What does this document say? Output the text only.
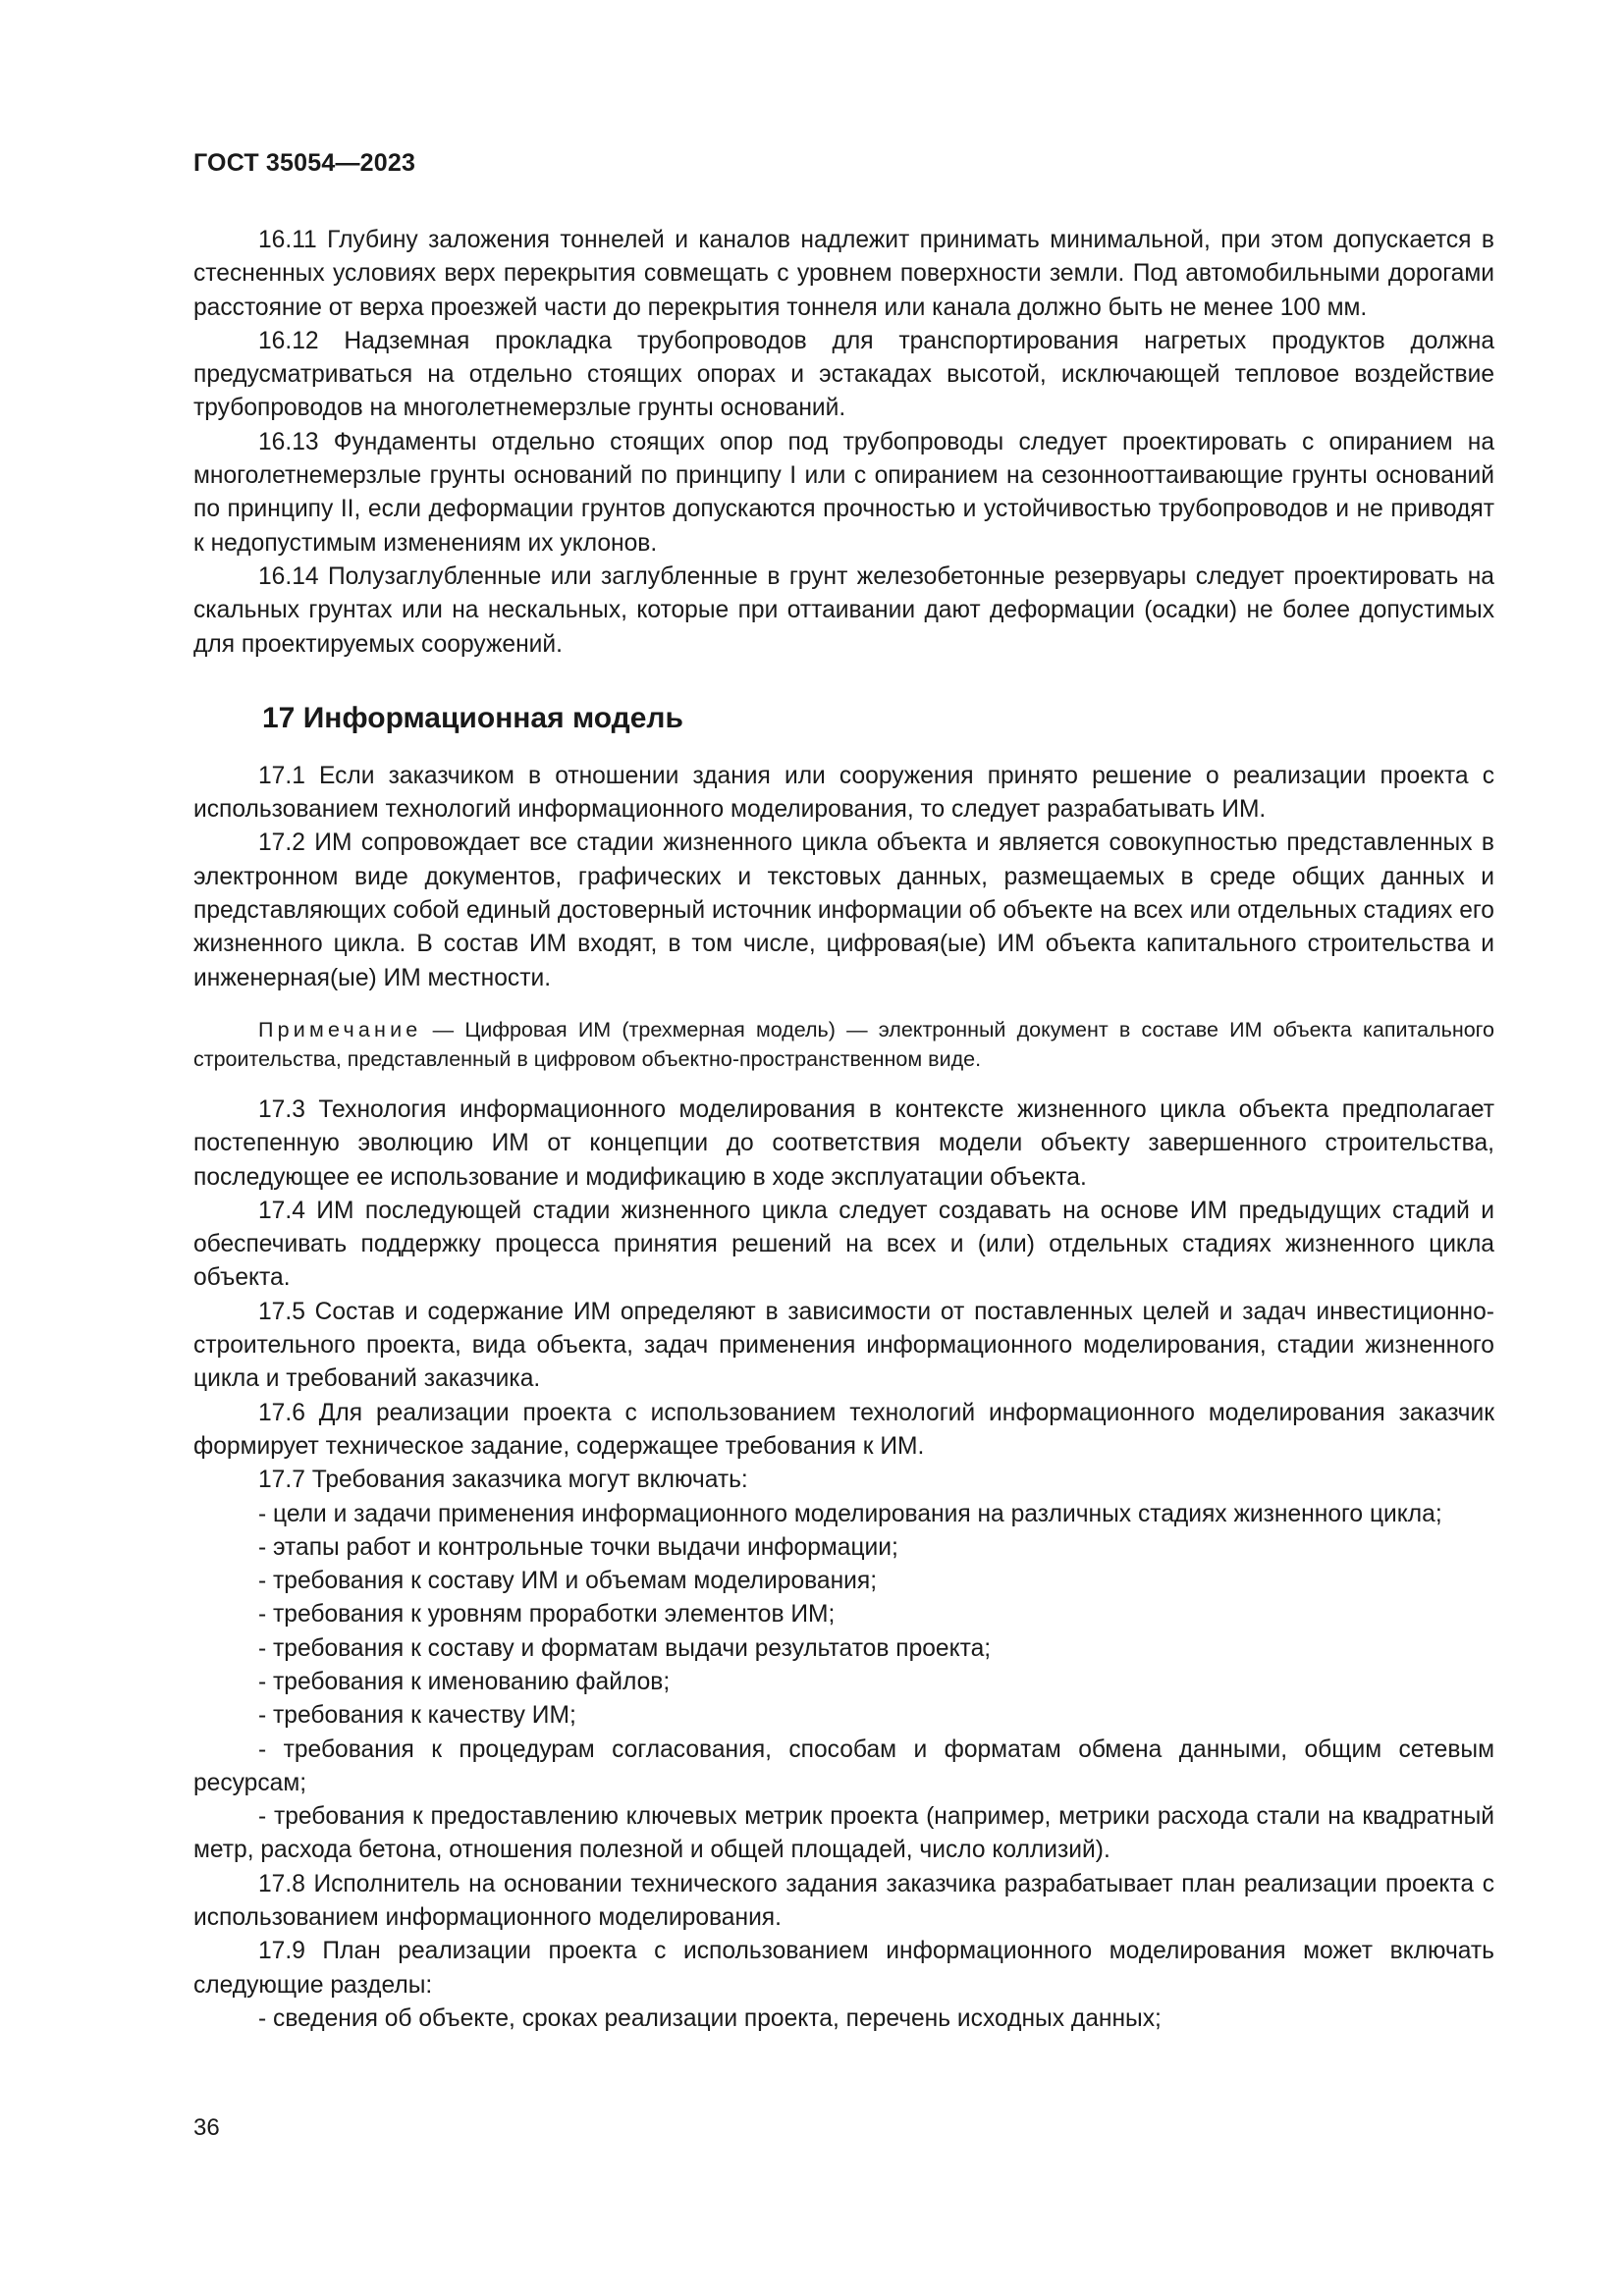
ГОСТ 35054—2023

16.11 Глубину заложения тоннелей и каналов надлежит принимать минимальной, при этом допускается в стесненных условиях верх перекрытия совмещать с уровнем поверхности земли. Под автомобильными дорогами расстояние от верха проезжей части до перекрытия тоннеля или канала должно быть не менее 100 мм.

16.12 Надземная прокладка трубопроводов для транспортирования нагретых продуктов должна предусматриваться на отдельно стоящих опорах и эстакадах высотой, исключающей тепловое воздействие трубопроводов на многолетнемерзлые грунты оснований.

16.13 Фундаменты отдельно стоящих опор под трубопроводы следует проектировать с опиранием на многолетнемерзлые грунты оснований по принципу I или с опиранием на сезоннооттаивающие грунты оснований по принципу II, если деформации грунтов допускаются прочностью и устойчивостью трубопроводов и не приводят к недопустимым изменениям их уклонов.

16.14 Полузаглубленные или заглубленные в грунт железобетонные резервуары следует проектировать на скальных грунтах или на нескальных, которые при оттаивании дают деформации (осадки) не более допустимых для проектируемых сооружений.

17 Информационная модель

17.1 Если заказчиком в отношении здания или сооружения принято решение о реализации проекта с использованием технологий информационного моделирования, то следует разрабатывать ИМ.

17.2 ИМ сопровождает все стадии жизненного цикла объекта и является совокупностью представленных в электронном виде документов, графических и текстовых данных, размещаемых в среде общих данных и представляющих собой единый достоверный источник информации об объекте на всех или отдельных стадиях его жизненного цикла. В состав ИМ входят, в том числе, цифровая(ые) ИМ объекта капитального строительства и инженерная(ые) ИМ местности.

Примечание — Цифровая ИМ (трехмерная модель) — электронный документ в составе ИМ объекта капитального строительства, представленный в цифровом объектно-пространственном виде.

17.3 Технология информационного моделирования в контексте жизненного цикла объекта предполагает постепенную эволюцию ИМ от концепции до соответствия модели объекту завершенного строительства, последующее ее использование и модификацию в ходе эксплуатации объекта.

17.4 ИМ последующей стадии жизненного цикла следует создавать на основе ИМ предыдущих стадий и обеспечивать поддержку процесса принятия решений на всех и (или) отдельных стадиях жизненного цикла объекта.

17.5 Состав и содержание ИМ определяют в зависимости от поставленных целей и задач инвестиционно-строительного проекта, вида объекта, задач применения информационного моделирования, стадии жизненного цикла и требований заказчика.

17.6 Для реализации проекта с использованием технологий информационного моделирования заказчик формирует техническое задание, содержащее требования к ИМ.

17.7 Требования заказчика могут включать:

- цели и задачи применения информационного моделирования на различных стадиях жизненного цикла;

- этапы работ и контрольные точки выдачи информации;

- требования к составу ИМ и объемам моделирования;

- требования к уровням проработки элементов ИМ;

- требования к составу и форматам выдачи результатов проекта;

- требования к именованию файлов;

- требования к качеству ИМ;

- требования к процедурам согласования, способам и форматам обмена данными, общим сетевым ресурсам;

- требования к предоставлению ключевых метрик проекта (например, метрики расхода стали на квадратный метр, расхода бетона, отношения полезной и общей площадей, число коллизий).

17.8 Исполнитель на основании технического задания заказчика разрабатывает план реализации проекта с использованием информационного моделирования.

17.9 План реализации проекта с использованием информационного моделирования может включать следующие разделы:

- сведения об объекте, сроках реализации проекта, перечень исходных данных;

36
